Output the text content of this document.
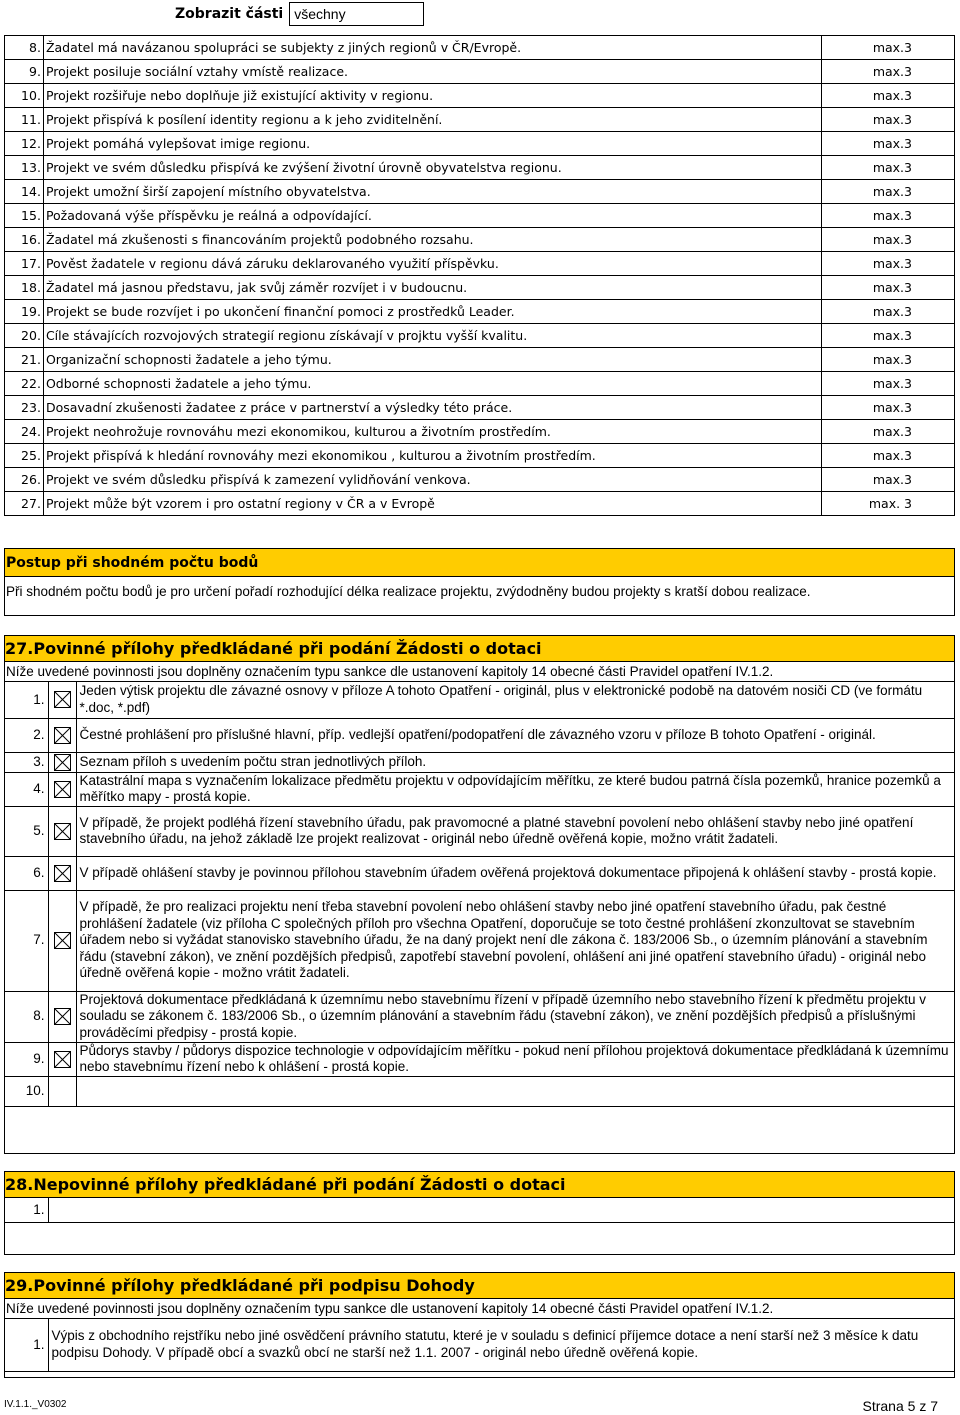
Zobrazit části všechny
8.	Žadatel má navázanou spolupráci se subjekty z jiných regionů v ČR/Evropě.	max.3
9.	Projekt posiluje sociální vztahy vmístě realizace.	max.3
10.	Projekt rozšiřuje nebo doplňuje již existující aktivity v regionu.	max.3
11.	Projekt přispívá k posílení identity regionu a k jeho zviditelnění.	max.3
12.	Projekt pomáhá vylepšovat imige regionu.	max.3
13.	Projekt ve svém důsledku přispívá ke zvýšení životní úrovně obyvatelstva regionu.	max.3
14.	Projekt umožní širší zapojení místního obyvatelstva.	max.3
15.	Požadovaná výše příspěvku je reálná a odpovídající.	max.3
16.	Žadatel má zkušenosti s financováním projektů podobného rozsahu.	max.3
17.	Pověst žadatele v regionu dává záruku deklarovaného využití příspěvku.	max.3
18.	Žadatel má jasnou představu, jak svůj záměr rozvíjet i v budoucnu.	max.3
19.	Projekt se bude rozvíjet i po ukončení finanční pomoci z prostředků Leader.	max.3
20.	Cíle stávajících rozvojových strategií regionu získávají v projktu vyšší kvalitu.	max.3
21.	Organizační schopnosti žadatele a jeho týmu.	max.3
22.	Odborné schopnosti žadatele a jeho týmu.	max.3
23.	Dosavadní zkušenosti žadatee z práce v partnerství a výsledky této práce.	max.3
24.	Projekt neohrožuje rovnováhu mezi ekonomikou, kulturou a životním prostředím.	max.3
25.	Projekt přispívá k hledání rovnováhy mezi ekonomikou , kulturou a životním prostředím.	max.3
26.	Projekt ve svém důsledku přispívá k zamezení vylidňování venkova.	max.3
27.	Projekt může být vzorem i pro ostatní regiony v ČR a v Evropě	max. 3
Postup při shodném počtu bodů
Při shodném počtu bodů je pro určení pořadí rozhodující délka realizace projektu, zvýdodněny budou projekty s kratší dobou realizace.
27.Povinné přílohy předkládané při podání Žádosti o dotaci
Níže uvedené povinnosti jsou doplněny označením typu sankce dle ustanovení kapitoly 14 obecné části Pravidel opatření IV.1.2.
1.		Jeden výtisk projektu dle závazné osnovy v příloze A tohoto Opatření - originál, plus v elektronické podobě na datovém nosiči CD (ve formátu *.doc, *.pdf)
2.		Čestné prohlášení pro příslušné hlavní, příp. vedlejší opatření/podopatření dle závazného vzoru v příloze B tohoto Opatření - originál.
3.		Seznam příloh s uvedením počtu stran jednotlivých příloh.
4.		Katastrální mapa s vyznačením lokalizace předmětu projektu v odpovídajícím měřítku, ze které budou patrná čísla pozemků, hranice pozemků a měřítko mapy - prostá kopie.
5.		V případě, že projekt podléhá řízení stavebního úřadu, pak pravomocné a platné stavební povolení nebo ohlášení stavby nebo jiné opatření stavebního úřadu, na jehož základě lze projekt realizovat - originál nebo úředně ověřená kopie, možno vrátit žadateli.
6.		V případě ohlášení stavby je povinnou přílohou stavebním úřadem ověřená projektová dokumentace připojená k ohlášení stavby - prostá kopie.
7.		V případě, že pro realizaci projektu není třeba stavební povolení nebo ohlášení stavby nebo jiné opatření stavebního úřadu, pak čestné prohlášení žadatele (viz příloha C společných příloh pro všechna Opatření, doporučuje se toto čestné prohlášení zkonzultovat se stavebním úřadem nebo si vyžádat stanovisko stavebního úřadu, že na daný projekt není dle zákona č. 183/2006 Sb., o územním plánování a stavebním řádu (stavební zákon), ve znění pozdějších předpisů, zapotřebí stavební povolení, ohlášení ani jiné opatření stavebního úřadu) - originál nebo úředně ověřená kopie - možno vrátit žadateli.
8.		Projektová dokumentace předkládaná k územnímu nebo stavebnímu řízení v případě územního nebo stavebního řízení k předmětu projektu v souladu se zákonem č. 183/2006 Sb., o územním plánování a stavebním řádu (stavební zákon), ve znění pozdějších předpisů a příslušnými prováděcími předpisy - prostá kopie.
9.		Půdorys stavby / půdorys dispozice technologie v odpovídajícím měřítku - pokud není přílohou projektová dokumentace předkládaná k územnímu nebo stavebnímu řízení nebo k ohlášení - prostá kopie.
10.		
28.Nepovinné přílohy předkládané při podání Žádosti o dotaci
1.	
29.Povinné přílohy předkládané při podpisu Dohody
Níže uvedené povinnosti jsou doplněny označením typu sankce dle ustanovení kapitoly 14 obecné části Pravidel opatření IV.1.2.
1.	Výpis z obchodního rejstříku nebo jiné osvědčení právního statutu, které je v souladu s definicí příjemce dotace a není starší než 3 měsíce k datu podpisu Dohody. V případě obcí a svazků obcí ne starší než 1.1. 2007 - originál nebo úředně ověřená kopie.
IV.1.1._V0302	Strana 5 z 7
